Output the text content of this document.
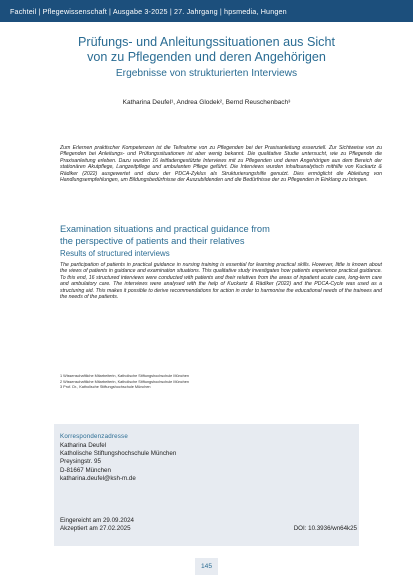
Fachteil | Pflegewissenschaft | Ausgabe 3-2025 | 27. Jahrgang | hpsmedia, Hungen
Prüfungs- und Anleitungssituationen aus Sicht
von zu Pflegenden und deren Angehörigen
Ergebnisse von strukturierten Interviews
Katharina Deufel¹, Andrea Glodek², Bernd Reuschenbach³

Zum Erlernen praktischer Kompetenzen ist die Teilnahme von zu Pflegenden bei der Praxisanleitung essenziell. Zur Sichtweise von zu Pflegenden bei Anleitungs- und Prüfungssituationen ist aber wenig bekannt. Die qualitative Studie untersucht, wie zu Pflegende die Praxisanleitung erleben. Dazu wurden 16 leitfadengestützte Interviews mit zu Pflegenden und deren Angehörigen aus dem Bereich der stationären Akutpflege, Langzeitpflege und ambulanten Pflege geführt. Die Interviews wurden inhaltsanalytisch mithilfe von Kuckartz & Rädiker (2022) ausgewertet und dazu der PDCA-Zyklus als Strukturierungshilfe genutzt. Dies ermöglicht die Ableitung von Handlungsempfehlungen, um Bildungsbedürfnisse der Auszubildenden und die Bedürfnisse der zu Pflegenden in Einklang zu bringen.

Examination situations and practical guidance from
the perspective of patients and their relatives
Results of structured interviews

The participation of patients in practical guidance in nursing training is essential for learning practical skills. However, little is known about the views of patients in guidance and examination situations. This qualitative study investigates how patients experience practical guidance. To this end, 16 structured interviews were conducted with patients and their relatives from the areas of inpatient acute care, long-term care and ambulatory care. The interviews were analysed with the help of Kuckartz & Rädiker (2022) and the PDCA-Cycle was used as a structuring aid. This makes it possible to derive recommendations for action in order to harmonise the educational needs of the trainees and the needs of the patients.

1 Wissenschaftliche Mitarbeiterin, Katholische Stiftungshochschule München
2 Wissenschaftliche Mitarbeiterin, Katholische Stiftungshochschule München
3 Prof. Dr., Katholische Stiftungshochschule München
Korrespondenzadresse
Katharina Deufel
Katholische Stiftungshochschule München
Preysingstr. 95
D-81667 München
katharina.deufel@ksh-m.de
Eingereicht am 29.09.2024
Akzeptiert am 27.02.2025	DOI: 10.3936/wn64k25
145
